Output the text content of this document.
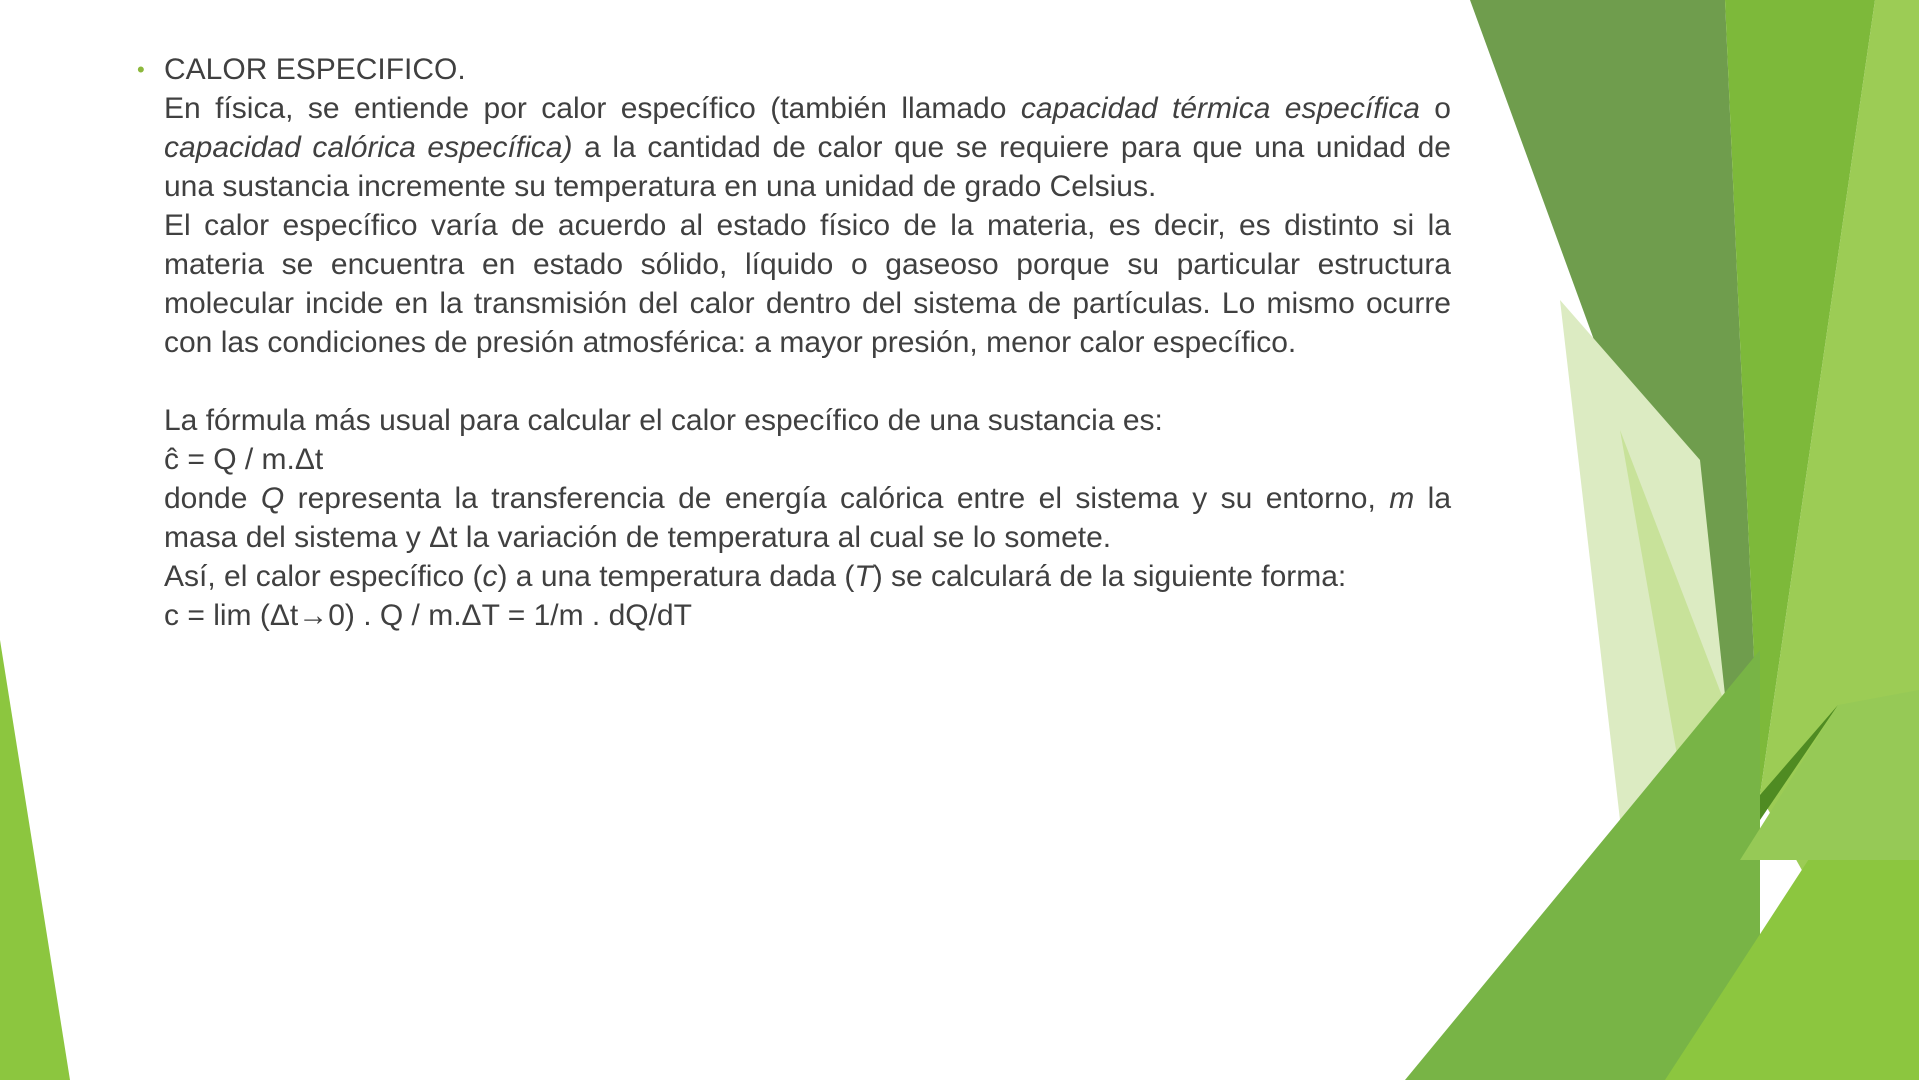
• CALOR ESPECIFICO.

En física, se entiende por calor específico (también llamado capacidad térmica específica o capacidad calórica específica) a la cantidad de calor que se requiere para que una unidad de una sustancia incremente su temperatura en una unidad de grado Celsius.

El calor específico varía de acuerdo al estado físico de la materia, es decir, es distinto si la materia se encuentra en estado sólido, líquido o gaseoso porque su particular estructura molecular incide en la transmisión del calor dentro del sistema de partículas. Lo mismo ocurre con las condiciones de presión atmosférica: a mayor presión, menor calor específico.

La fórmula más usual para calcular el calor específico de una sustancia es:

ĉ = Q / m.Δt

donde Q representa la transferencia de energía calórica entre el sistema y su entorno, m la masa del sistema y Δt la variación de temperatura al cual se lo somete.

Así, el calor específico (c) a una temperatura dada (T) se calculará de la siguiente forma:

c = lim (Δt→0) . Q / m.ΔT = 1/m . dQ/dT
